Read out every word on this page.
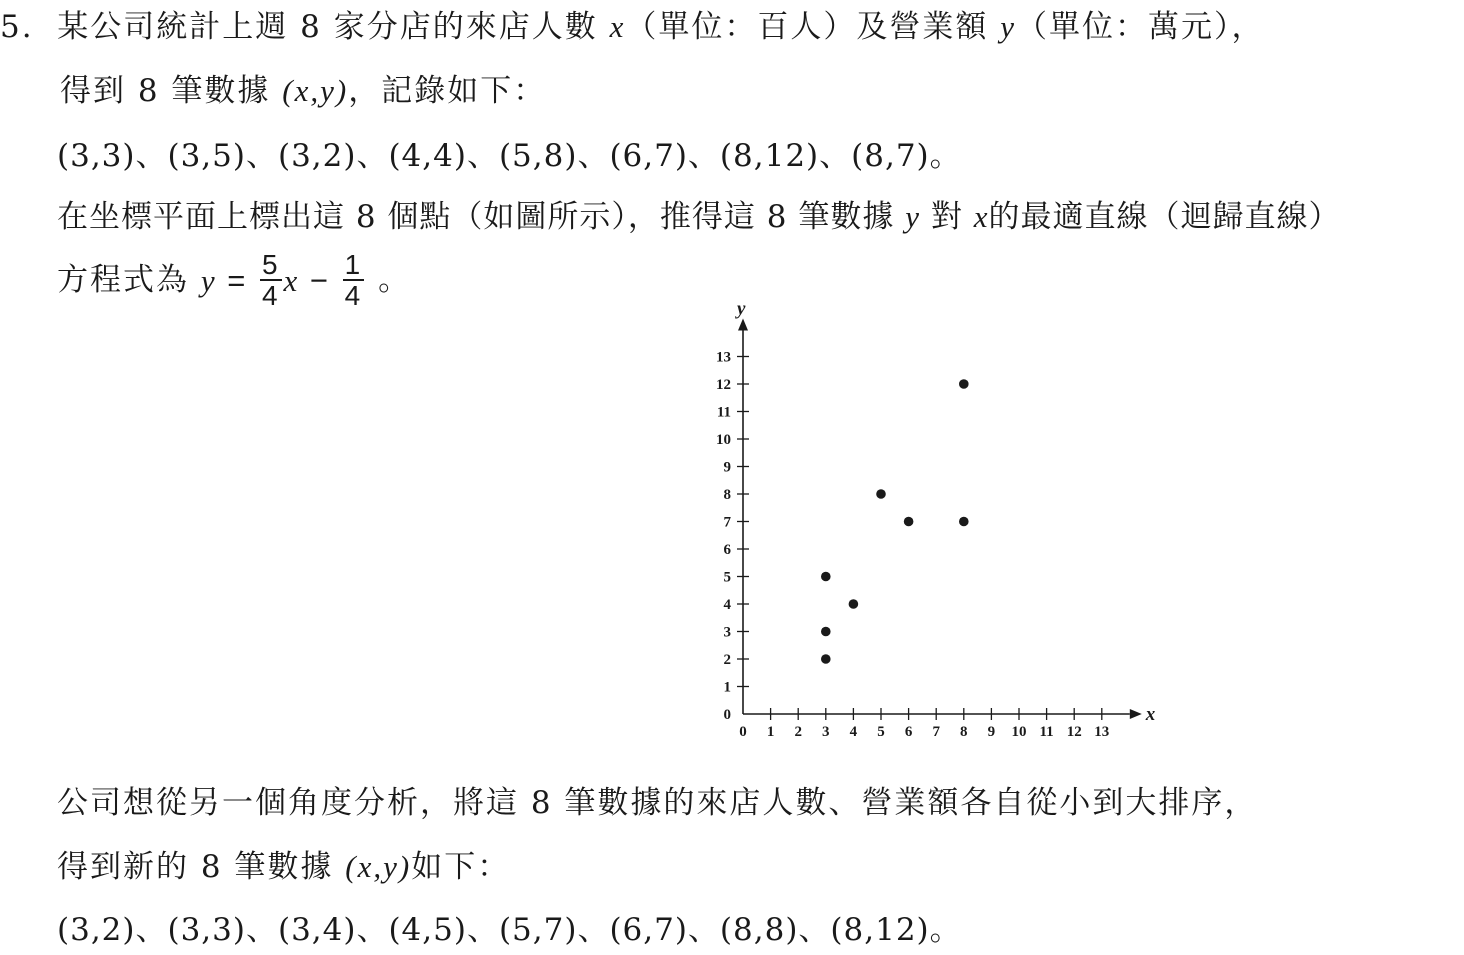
5. 某公司統計上週 8 家分店的來店人數 x（單位：百人）及營業額 y（單位：萬元），
得到 8 筆數據 (x,y)，記錄如下：
(3,3)、(3,5)、(3,2)、(4,4)、(5,8)、(6,7)、(8,12)、(8,7)。
在坐標平面上標出這 8 個點（如圖所示），推得這 8 筆數據 y 對 x的最適直線（迴歸直線）
方程式為 $y = \frac{5}{4}$ $x - \frac{1}{4}$ 。
x
y
0 1 2 3 4 5 6 7 8 9 10 11 12 13
0
1
2
3
4
5
6
7
8
9
10
11
12
13
公司想從另一個角度分析，將這 8 筆數據的來店人數、營業額各自從小到大排序，
得到新的 8 筆數據 (x,y)如下：
(3,2)、(3,3)、(3,4)、(4,5)、(5,7)、(6,7)、(8,8)、(8,12)。
